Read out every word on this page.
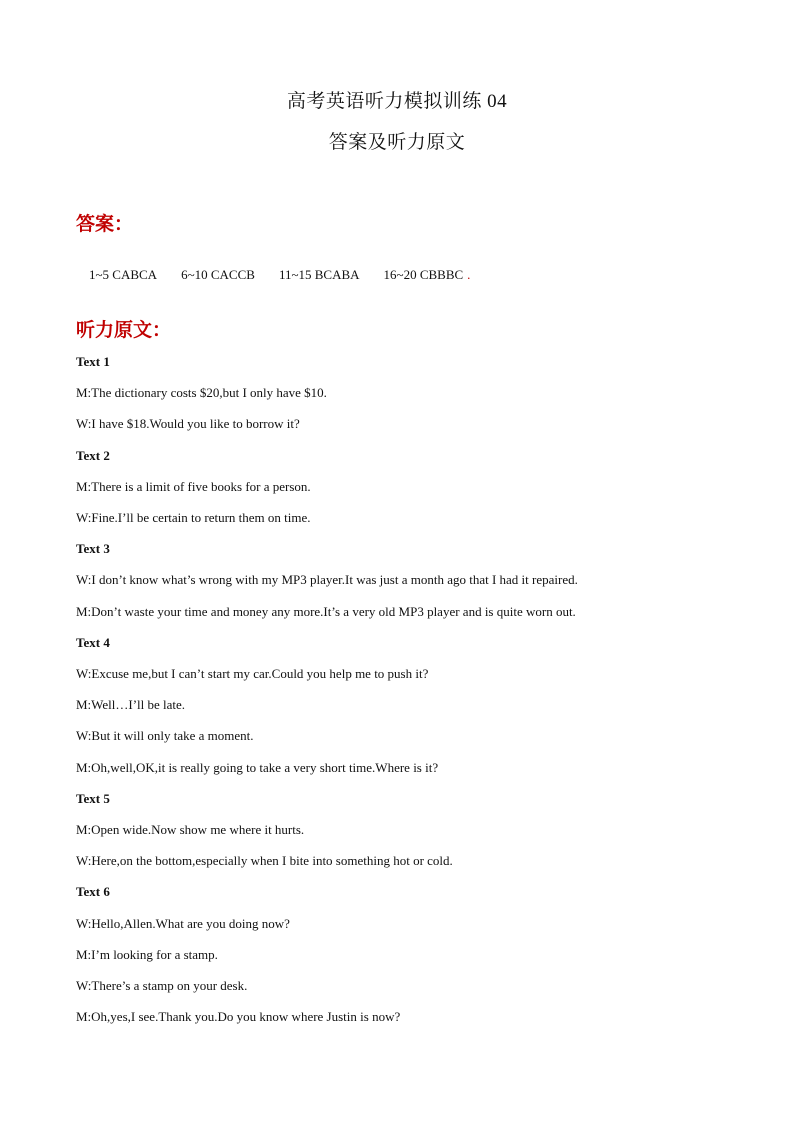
高考英语听力模拟训练 04
答案及听力原文
答案：

1~5 CABCA 6~10 CACCB 11~15 BCABA 16~20 CBBBC .

听力原文：
Text 1
M:The dictionary costs $20,but I only have $10.
W:I have $18.Would you like to borrow it?
Text 2
M:There is a limit of five books for a person.
W:Fine.I’ll be certain to return them on time.
Text 3
W:I don’t know what’s wrong with my MP3 player.It was just a month ago that I had it repaired.
M:Don’t waste your time and money any more.It’s a very old MP3 player and is quite worn out.
Text 4
W:Excuse me,but I can’t start my car.Could you help me to push it?
M:Well…I’ll be late.
W:But it will only take a moment.
M:Oh,well,OK,it is really going to take a very short time.Where is it?
Text 5
M:Open wide.Now show me where it hurts.
W:Here,on the bottom,especially when I bite into something hot or cold.
Text 6
W:Hello,Allen.What are you doing now?
M:I’m looking for a stamp.
W:There’s a stamp on your desk.
M:Oh,yes,I see.Thank you.Do you know where Justin is now?
